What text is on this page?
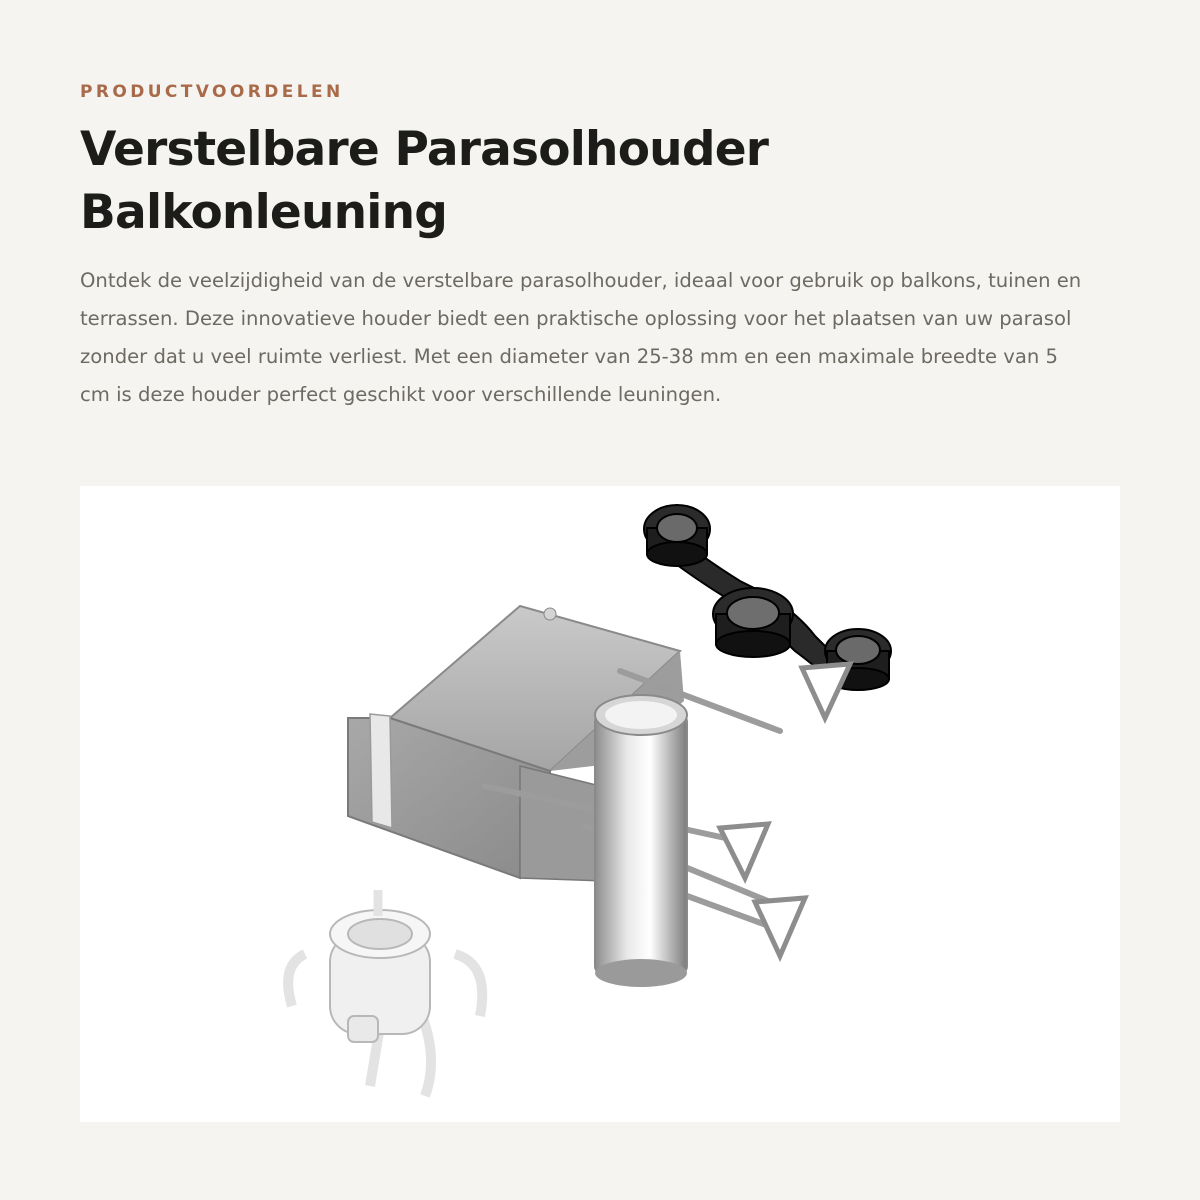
PRODUCTVOORDELEN
Verstelbare Parasolhouder
Balkonleuning

Ontdek de veelzijdigheid van de verstelbare parasolhouder, ideaal voor gebruik op balkons, tuinen en terrassen. Deze innovatieve houder biedt een praktische oplossing voor het plaatsen van uw parasol zonder dat u veel ruimte verliest. Met een diameter van 25-38 mm en een maximale breedte van 5 cm is deze houder perfect geschikt voor verschillende leuningen.
